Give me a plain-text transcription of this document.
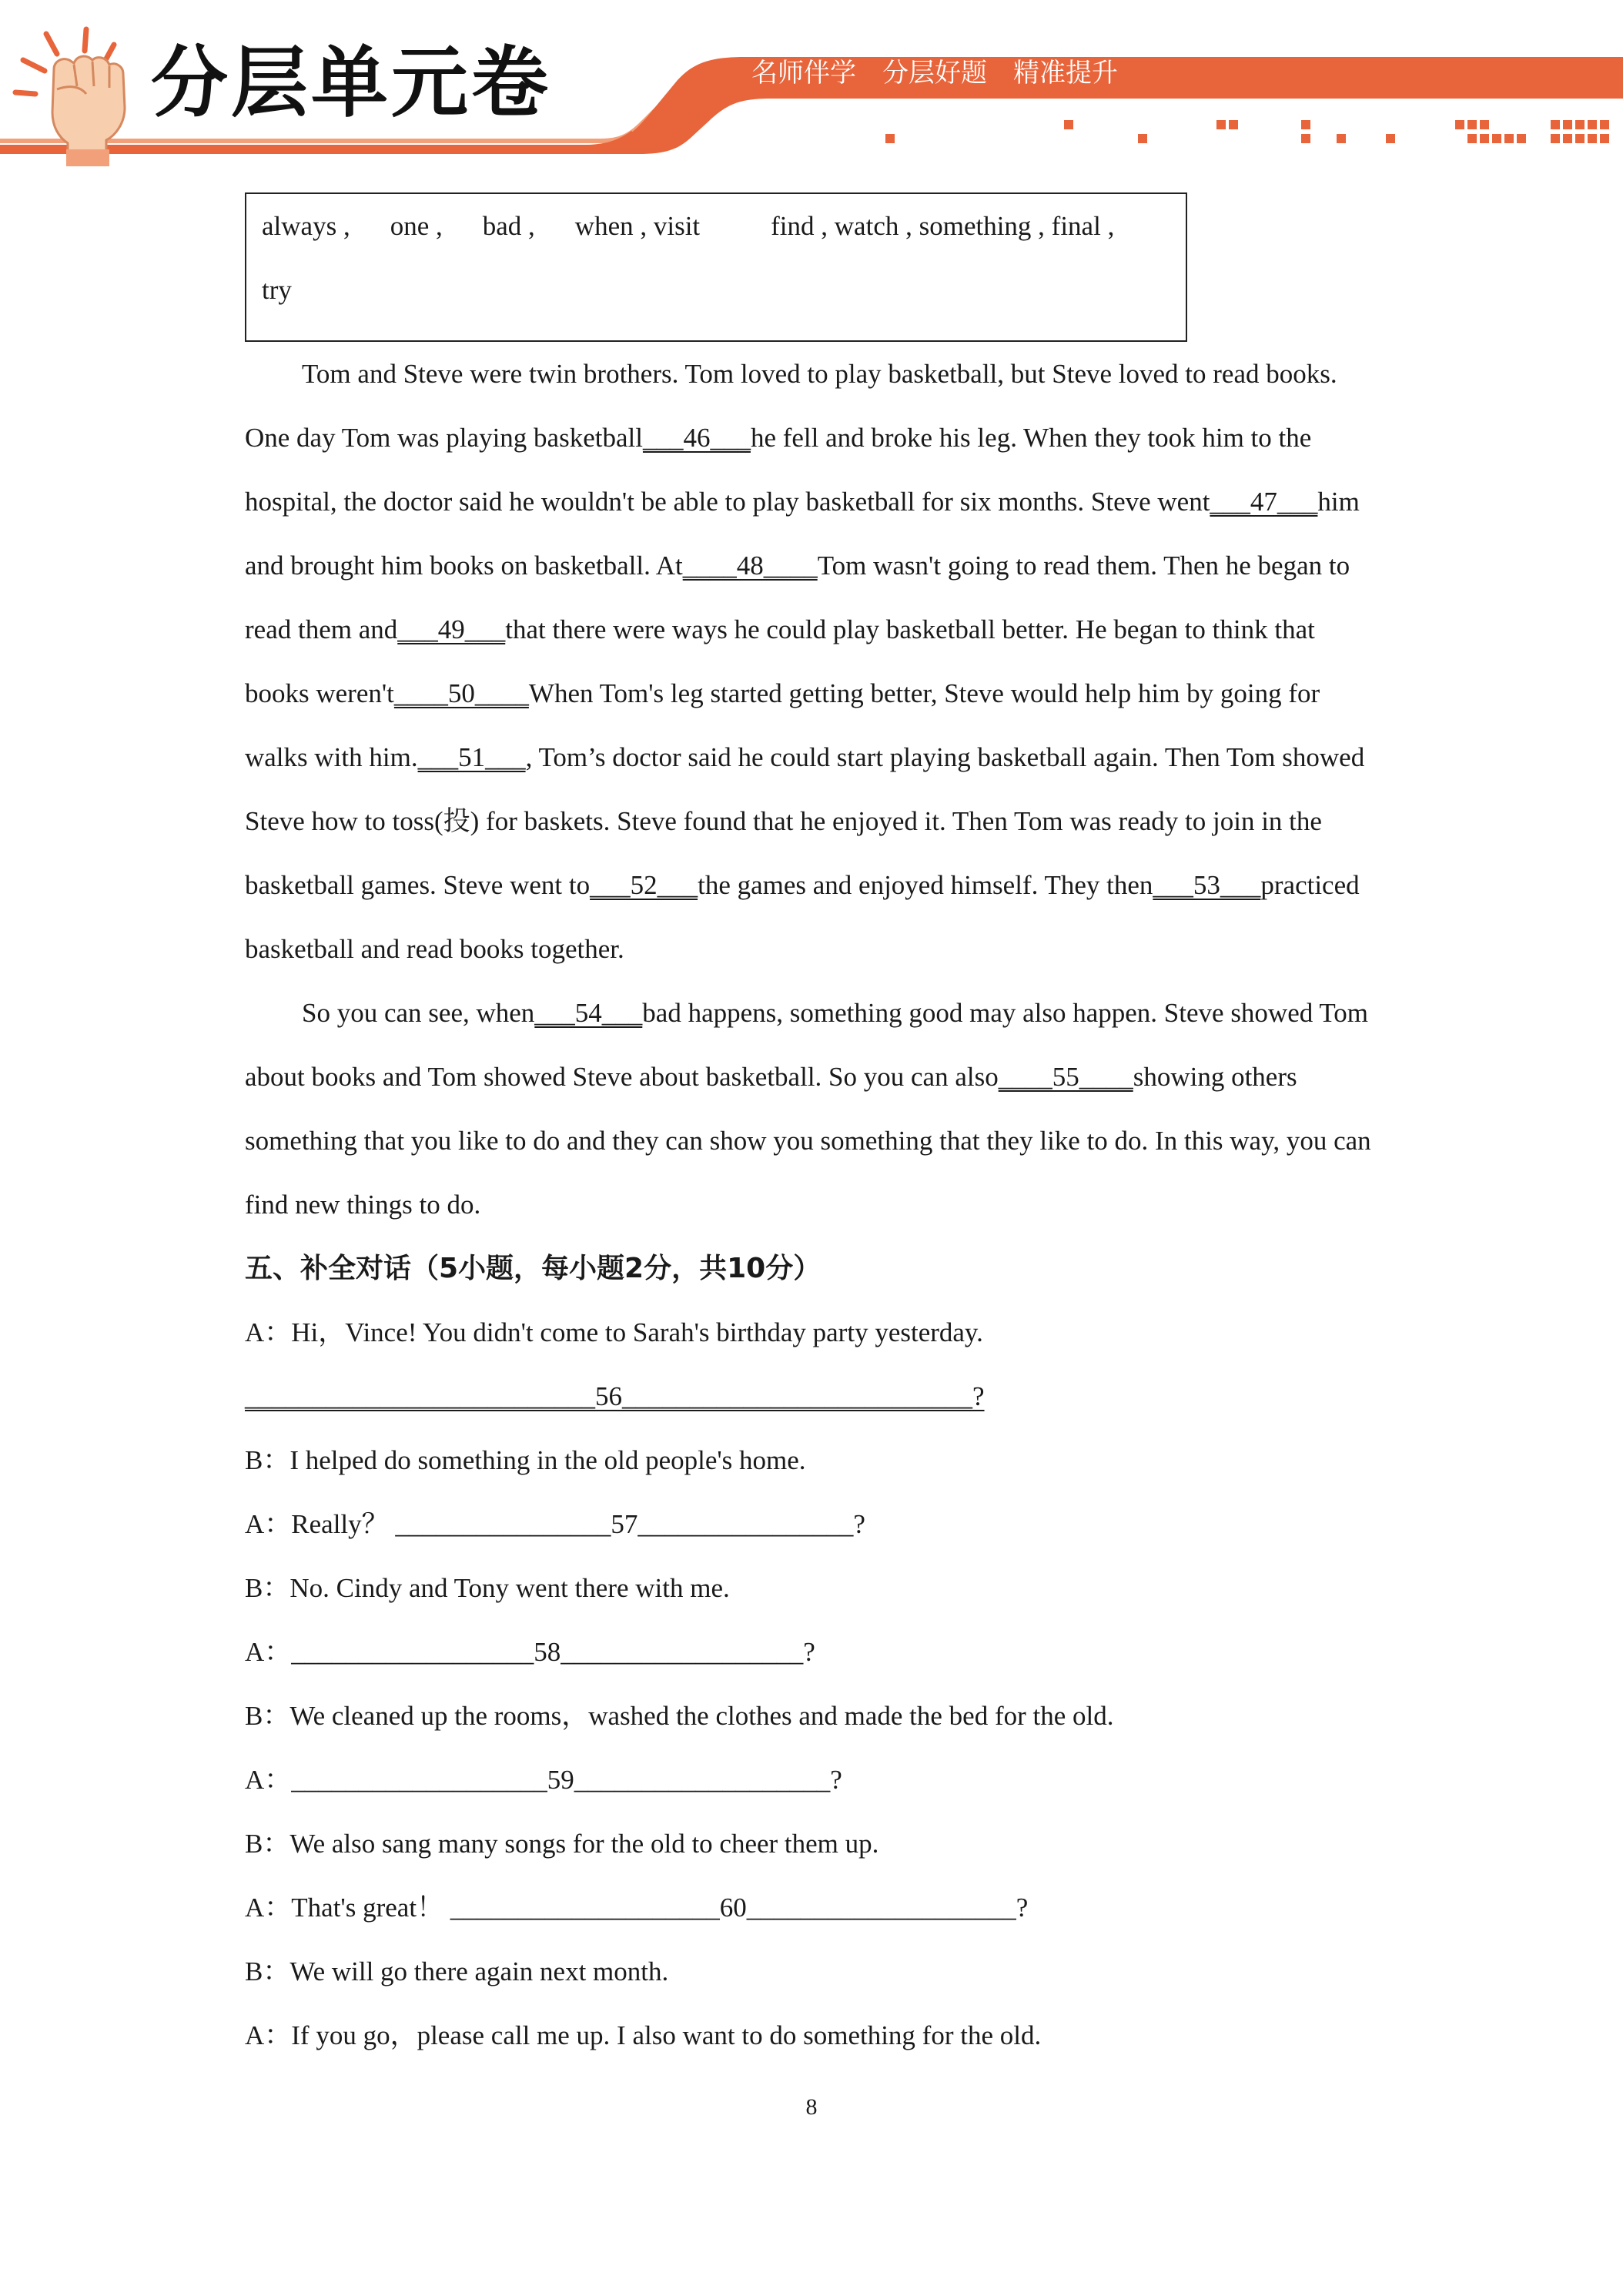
分层单元卷	名师伴学 分层好题 精准提升
always , one , bad , when , visit	find , watch , something , final ,
try

Tom and Steve were twin brothers. Tom loved to play basketball, but Steve loved to read books. One day Tom was playing basketball___46___he fell and broke his leg. When they took him to the hospital, the doctor said he wouldn't be able to play basketball for six months. Steve went___47___him and brought him books on basketball. At____48____Tom wasn't going to read them. Then he began to read them and___49___that there were ways he could play basketball better. He began to think that books weren't____50____When Tom's leg started getting better, Steve would help him by going for walks with him.___51___, Tom’s doctor said he could start playing basketball again. Then Tom showed Steve how to toss(投) for baskets. Steve found that he enjoyed it. Then Tom was ready to join in the basketball games. Steve went to___52___the games and enjoyed himself. They then___53___practiced basketball and read books together.

So you can see, when___54___bad happens, something good may also happen. Steve showed Tom about books and Tom showed Steve about basketball. So you can also____55____showing others something that you like to do and they can show you something that they like to do. In this way, you can find new things to do.

五、补全对话（5小题，每小题2分，共10分）

A：Hi，Vince! You didn't come to Sarah's birthday party yesterday.

__________________________56__________________________?

B：I helped do something in the old people's home.

A：Really？ ________________57________________?

B：No. Cindy and Tony went there with me.

A：__________________58__________________?

B：We cleaned up the rooms，washed the clothes and made the bed for the old.

A：___________________59___________________?

B：We also sang many songs for the old to cheer them up.

A：That's great！ ____________________60____________________?

B：We will go there again next month.

A：If you go，please call me up. I also want to do something for the old.

8
